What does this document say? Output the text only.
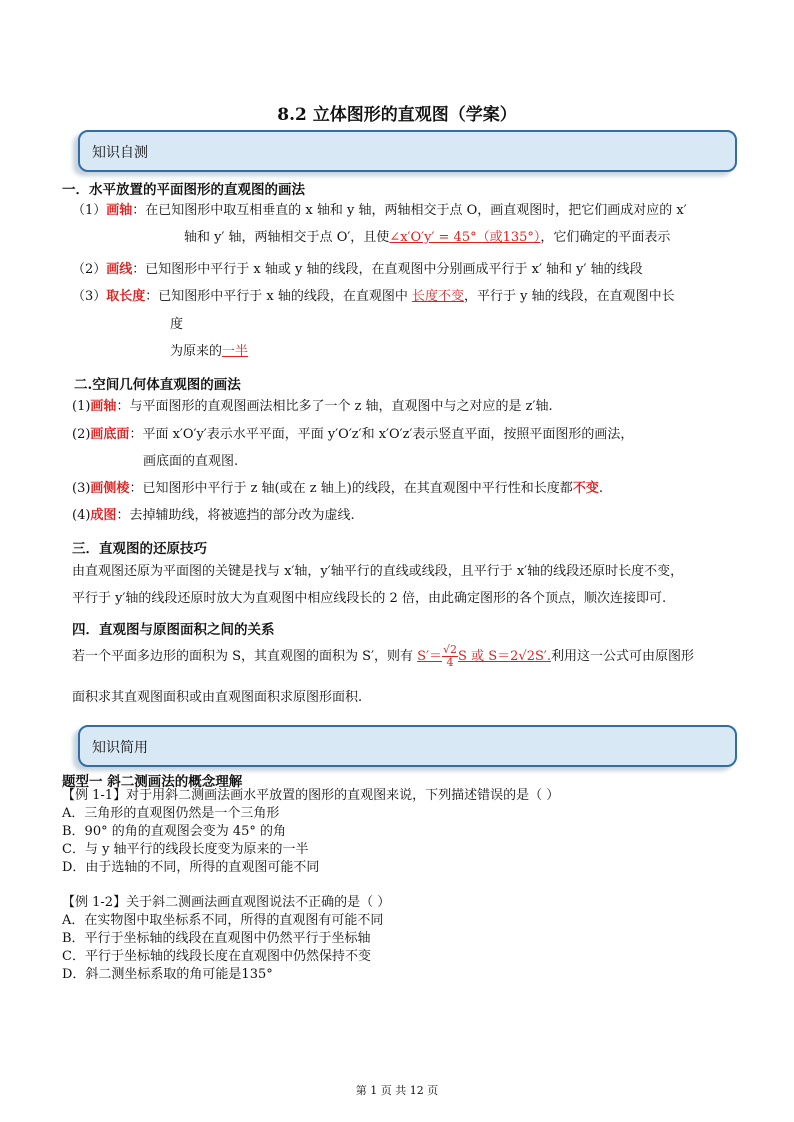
8.2 立体图形的直观图（学案）
知识自测
一．水平放置的平面图形的直观图的画法
（1）画轴：在已知图形中取互相垂直的 x 轴和 y 轴，两轴相交于点 O，画直观图时，把它们画成对应的 x′
轴和 y′ 轴，两轴相交于点 O′，且使∠x′O′y′ = 45°（或135°），它们确定的平面表示
（2）画线：已知图形中平行于 x 轴或 y 轴的线段，在直观图中分别画成平行于 x′ 轴和 y′ 轴的线段
（3）取长度：已知图形中平行于 x 轴的线段，在直观图中 长度不变，平行于 y 轴的线段，在直观图中长
度
为原来的一半
二.空间几何体直观图的画法
(1)画轴：与平面图形的直观图画法相比多了一个 z 轴，直观图中与之对应的是 z′轴.
(2)画底面：平面 x′O′y′表示水平平面，平面 y′O′z′和 x′O′z′表示竖直平面，按照平面图形的画法，
画底面的直观图.
(3)画侧棱：已知图形中平行于 z 轴(或在 z 轴上)的线段，在其直观图中平行性和长度都不变.
(4)成图：去掉辅助线，将被遮挡的部分改为虚线.
三．直观图的还原技巧
由直观图还原为平面图的关键是找与 x′轴，y′轴平行的直线或线段，且平行于 x′轴的线段还原时长度不变，
平行于 y′轴的线段还原时放大为直观图中相应线段长的 2 倍，由此确定图形的各个顶点，顺次连接即可.
四．直观图与原图面积之间的关系
若一个平面多边形的面积为 S，其直观图的面积为 S′，则有 $S'= \frac{√2}{4}$ S 或 S＝2√2S′.利用这一公式可由原图形
面积求其直观图面积或由直观图面积求原图形面积.
知识简用
题型一 斜二测画法的概念理解
【例 1-1】对于用斜二测画法画水平放置的图形的直观图来说，下列描述错误的是（ ）
A．三角形的直观图仍然是一个三角形
B．90° 的角的直观图会变为 45° 的角
C．与 y 轴平行的线段长度变为原来的一半
D．由于选轴的不同，所得的直观图可能不同
【例 1-2】关于斜二测画法画直观图说法不正确的是（ ）
A．在实物图中取坐标系不同，所得的直观图有可能不同
B．平行于坐标轴的线段在直观图中仍然平行于坐标轴
C．平行于坐标轴的线段长度在直观图中仍然保持不变
D．斜二测坐标系取的角可能是135°
第 1 页 共 12 页
